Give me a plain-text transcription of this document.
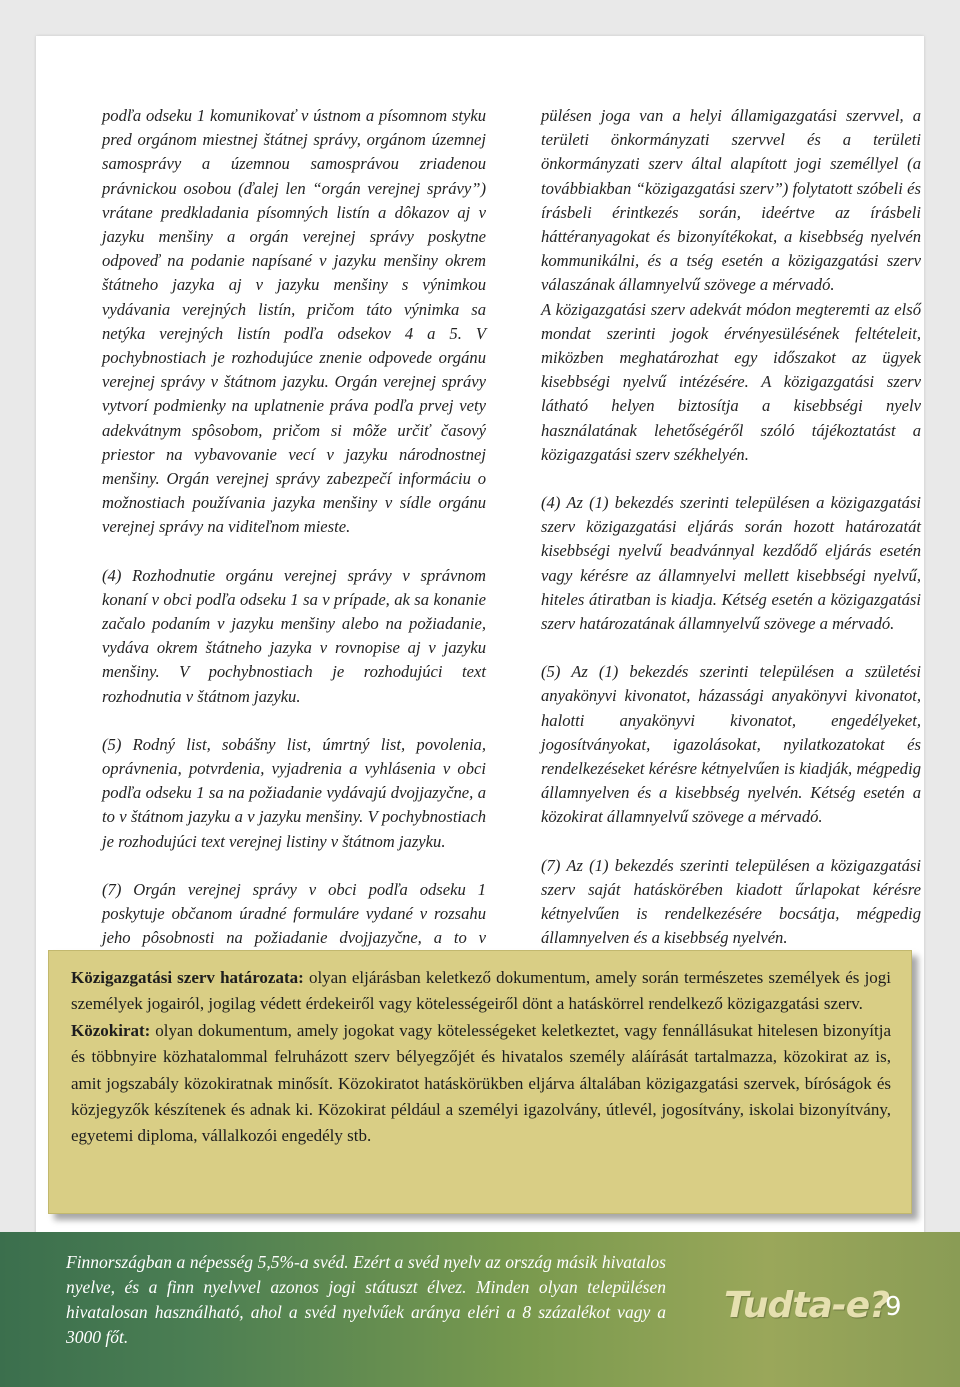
podľa odseku 1 komunikovať v ústnom a písomnom styku pred orgánom miestnej štátnej správy, orgánom územnej samosprávy a územnou samosprávou zriadenou právnickou osobou (ďalej len “orgán verejnej správy”) vrátane predkladania písomných listín a dôkazov aj v jazyku menšiny a orgán verejnej správy poskytne odpoveď na podanie napísané v jazyku menšiny okrem štátneho jazyka aj v jazyku menšiny s výnimkou vydávania verejných listín, pričom táto výnimka sa netýka verejných listín podľa odsekov 4 a 5. V pochybnostiach je rozhodujúce znenie odpovede orgánu verejnej správy v štátnom jazyku. Orgán verejnej správy vytvorí podmienky na uplatnenie práva podľa prvej vety adekvátnym spôsobom, pričom si môže určiť časový priestor na vybavovanie vecí v jazyku národnostnej menšiny. Orgán verejnej správy zabezpečí informáciu o možnostiach používania jazyka menšiny v sídle orgánu verejnej správy na viditeľnom mieste.

(4) Rozhodnutie orgánu verejnej správy v správnom konaní v obci podľa odseku 1 sa v prípade, ak sa konanie začalo podaním v jazyku menšiny alebo na požiadanie, vydáva okrem štátneho jazyka v rovnopise aj v jazyku menšiny. V pochybnostiach je rozhodujúci text rozhodnutia v štátnom jazyku.

(5) Rodný list, sobášny list, úmrtný list, povolenia, oprávnenia, potvrdenia, vyjadrenia a vyhlásenia v obci podľa odseku 1 sa na požiadanie vydávajú dvojjazyčne, a to v štátnom jazyku a v jazyku menšiny. V pochybnostiach je rozhodujúci text verejnej listiny v štátnom jazyku.

(7) Orgán verejnej správy v obci podľa odseku 1 poskytuje občanom úradné formuláre vydané v rozsahu jeho pôsobnosti na požiadanie dvojjazyčne, a to v

pülésen joga van a helyi államigazgatási szervvel, a területi önkormányzati szervvel és a területi önkormányzati szerv által alapított jogi személlyel (a továbbiakban “közigazgatási szerv”) folytatott szóbeli és írásbeli érintkezés során, ideértve az írásbeli háttéranyagokat és bizonyítékokat, a kisebbség nyelvén kommunikálni, és a tség esetén a közigazgatási szerv válaszának államnyelvű szövege a mérvadó.

A közigazgatási szerv adekvát módon megteremti az első mondat szerinti jogok érvényesülésének feltételeit, miközben meghatározhat egy időszakot az ügyek kisebbségi nyelvű intézésére. A közigazgatási szerv látható helyen biztosítja a kisebbségi nyelv használatának lehetőségéről szóló tájékoztatást a közigazgatási szerv székhelyén.

(4) Az (1) bekezdés szerinti településen a közigazgatási szerv közigazgatási eljárás során hozott határozatát kisebbségi nyelvű beadvánnyal kezdődő eljárás esetén vagy kérésre az államnyelvi mellett kisebbségi nyelvű, hiteles átiratban is kiadja. Kétség esetén a közigazgatási szerv határozatának államnyelvű szövege a mérvadó.

(5) Az (1) bekezdés szerinti településen a születési anyakönyvi kivonatot, házassági anyakönyvi kivonatot, halotti anyakönyvi kivonatot, engedélyeket, jogosítványokat, igazolásokat, nyilatkozatokat és rendelkezéseket kérésre kétnyelvűen is kiadják, mégpedig államnyelven és a kisebbség nyelvén. Kétség esetén a közokirat államnyelvű szövege a mérvadó.

(7) Az (1) bekezdés szerinti településen a közigazgatási szerv saját hatáskörében kiadott űrlapokat kérésre kétnyelvűen is rendelkezésére bocsátja, mégpedig államnyelven és a kisebbség nyelvén.

Közigazgatási szerv határozata: olyan eljárásban keletkező dokumentum, amely során természetes személyek és jogi személyek jogairól, jogilag védett érdekeiről vagy kötelességeiről dönt a hatáskörrel rendelkező közigazgatási szerv.

Közokirat: olyan dokumentum, amely jogokat vagy kötelességeket keletkeztet, vagy fennállásukat hitelesen bizonyítja és többnyire közhatalommal felruházott szerv bélyegzőjét és hivatalos személy aláírását tartalmazza, közokirat az is, amit jogszabály közokiratnak minősít. Közokiratot hatáskörükben eljárva általában közigazgatási szervek, bíróságok és közjegyzők készítenek és adnak ki. Közokirat például a személyi igazolvány, útlevél, jogosítvány, iskolai bizonyítvány, egyetemi diploma, vállalkozói engedély stb.

Finnországban a népesség 5,5%-a svéd. Ezért a svéd nyelv az ország másik hivatalos nyelve, és a finn nyelvvel azonos jogi státuszt élvez. Minden olyan településen hivatalosan használható, ahol a svéd nyelvűek aránya eléri a 8 százalékot vagy a 3000 főt.

Tudta-e?
9
